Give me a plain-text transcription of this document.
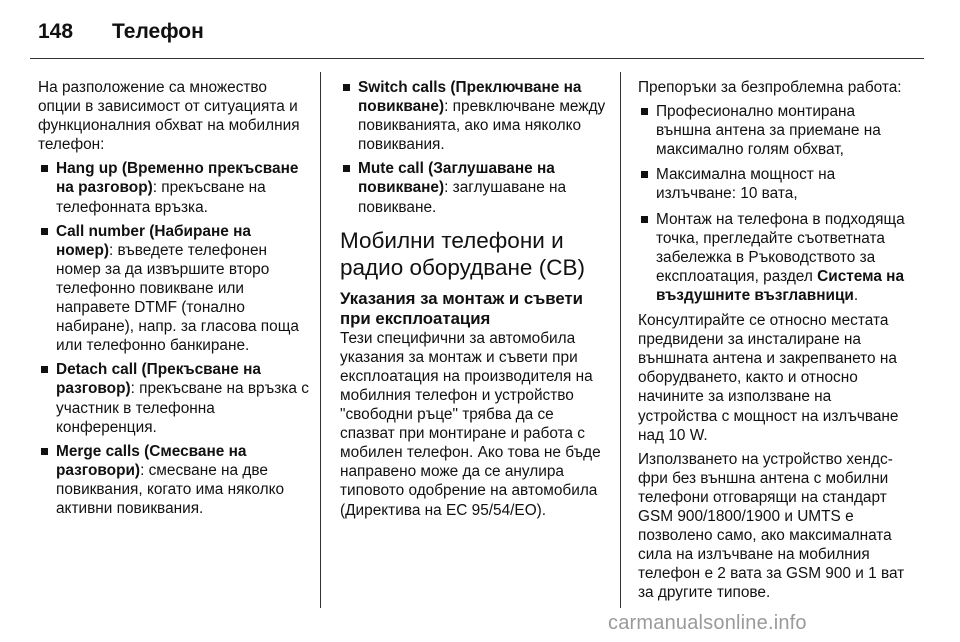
148	Телефон

На разположение са множество опции в зависимост от ситуацията и функционалния обхват на мобилния телефон:

Hang up (Временно прекъсване на разговор): прекъсване на телефонната връзка.
Call number (Набиране на номер): въведете телефонен номер за да извършите второ телефонно повикване или направете DTMF (тонално набиране), напр. за гласова поща или телефонно банкиране.
Detach call (Прекъсване на разговор): прекъсване на връзка с участник в телефонна конференция.
Merge calls (Смесване на разговори): смесване на две повиквания, когато има няколко активни повиквания.
Switch calls (Преключване на повикване): превключване между повикванията, ако има няколко повиквания.
Mute call (Заглушаване на повикване): заглушаване на повикване.
Мобилни телефони и радио оборудване (CB)
Указания за монтаж и съвети при експлоатация

Тези специфични за автомобила указания за монтаж и съвети при експлоатация на производителя на мобилния телефон и устройство "свободни ръце" трябва да се спазват при монтиране и работа с мобилен телефон. Ако това не бъде направено може да се анулира типовото одобрение на автомобила (Директива на ЕС 95/54/ЕО).

Препоръки за безпроблемна работа:

Професионално монтирана външна антена за приемане на максимално голям обхват,
Максимална мощност на излъчване: 10 вата,
Монтаж на телефона в подходяща точка, прегледайте съответната забележка в Ръководството за експлоатация, раздел Система на въздушните възглавници.

Консултирайте се относно местата предвидени за инсталиране на външната антена и закрепването на оборудването, както и относно начините за използване на устройства с мощност на излъчване над 10 W.

Използването на устройство хендс-фри без външна антена с мобилни телефони отговарящи на стандарт GSM 900/1800/1900 и UMTS е позволено само, ако максималната сила на излъчване на мобилния телефон е 2 вата за GSM 900 и 1 ват за другите типове.

carmanualsonline.info
